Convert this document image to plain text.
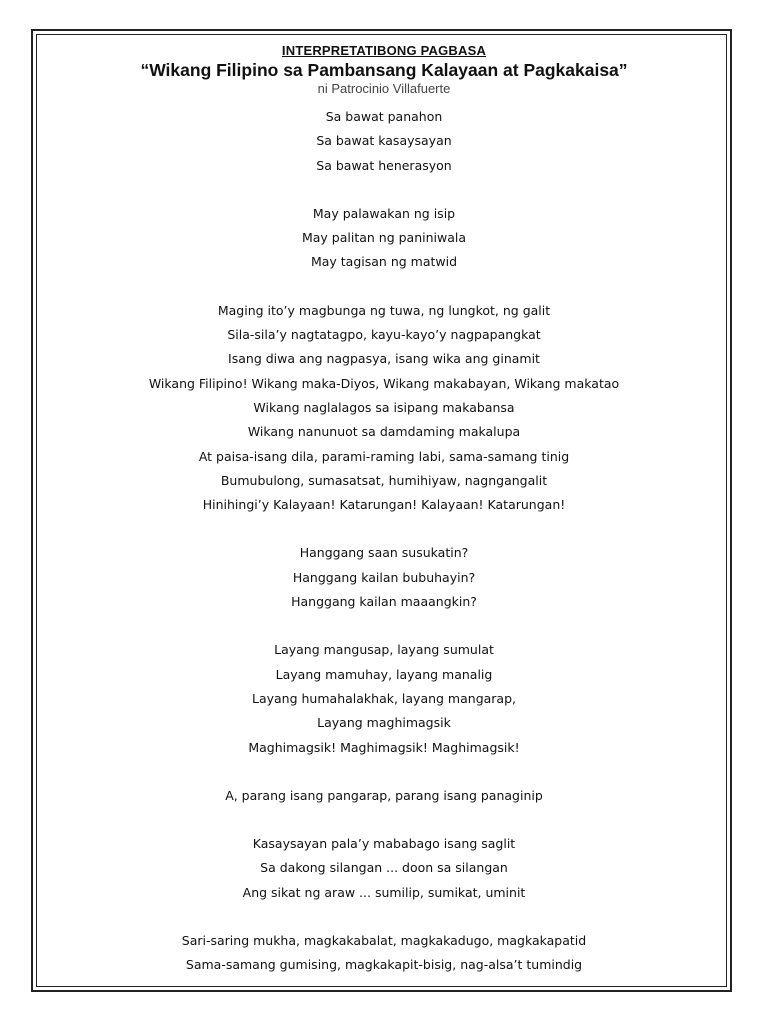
INTERPRETATIBONG PAGBASA
“Wikang Filipino sa Pambansang Kalayaan at Pagkakaisa”
ni Patrocinio Villafuerte
Sa bawat panahon
Sa bawat kasaysayan
Sa bawat henerasyon
May palawakan ng isip
May palitan ng paniniwala
May tagisan ng matwid
Maging ito’y magbunga ng tuwa, ng lungkot, ng galit
Sila-sila’y nagtatagpo, kayu-kayo’y nagpapangkat
Isang diwa ang nagpasya, isang wika ang ginamit
Wikang Filipino! Wikang maka-Diyos, Wikang makabayan, Wikang makatao
Wikang naglalagos sa isipang makabansa
Wikang nanunuot sa damdaming makalupa
At paisa-isang dila, parami-raming labi, sama-samang tinig
Bumubulong, sumasatsat, humihiyaw, nagngangalit
Hinihingi’y Kalayaan! Katarungan! Kalayaan! Katarungan!
Hanggang saan susukatin?
Hanggang kailan bubuhayin?
Hanggang kailan maaangkin?
Layang mangusap, layang sumulat
Layang mamuhay, layang manalig
Layang humahalakhak, layang mangarap,
Layang maghimagsik
Maghimagsik! Maghimagsik! Maghimagsik!
A, parang isang pangarap, parang isang panaginip
Kasaysayan pala’y mababago isang saglit
Sa dakong silangan ... doon sa silangan
Ang sikat ng araw ... sumilip, sumikat, uminit
Sari-saring mukha, magkakabalat, magkakadugo, magkakapatid
Sama-samang gumising, magkakapit-bisig, nag-alsa’t tumindig
